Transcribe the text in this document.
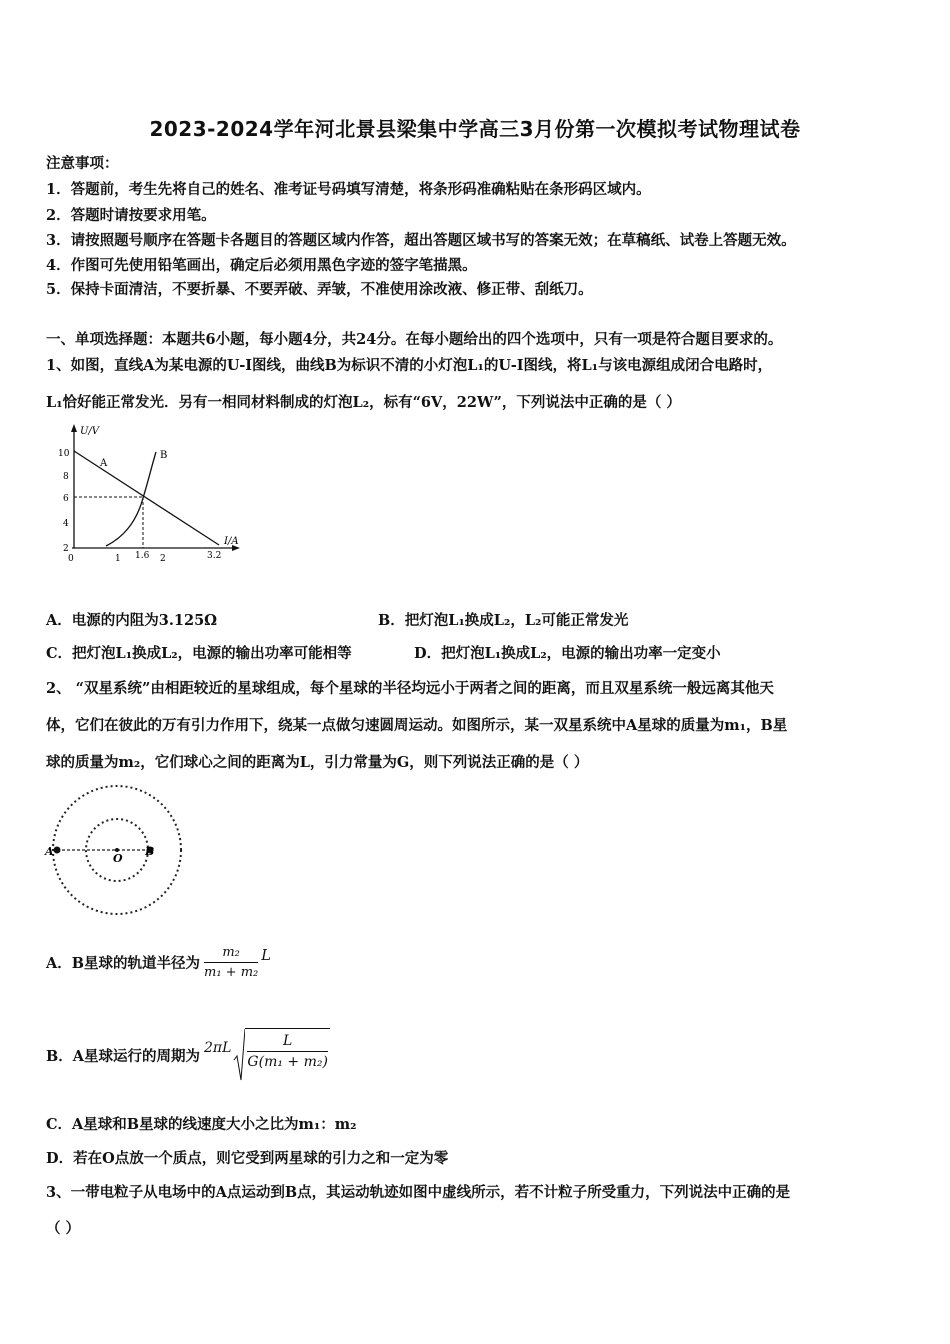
2023-2024学年河北景县梁集中学高三3月份第一次模拟考试物理试卷
注意事项：
1．答题前，考生先将自己的姓名、准考证号码填写清楚，将条形码准确粘贴在条形码区域内。
2．答题时请按要求用笔。
3．请按照题号顺序在答题卡各题目的答题区域内作答，超出答题区域书写的答案无效；在草稿纸、试卷上答题无效。
4．作图可先使用铅笔画出，确定后必须用黑色字迹的签字笔描黑。
5．保持卡面清洁，不要折暴、不要弄破、弄皱，不准使用涂改液、修正带、刮纸刀。
一、单项选择题：本题共6小题，每小题4分，共24分。在每小题给出的四个选项中，只有一项是符合题目要求的。
1、如图，直线A为某电源的U-I图线，曲线B为标识不清的小灯泡L₁的U-I图线，将L₁与该电源组成闭合电路时，
L₁恰好能正常发光．另有一相同材料制成的灯泡L₂，标有“6V，22W”，下列说法中正确的是（ ）
U/V
I/A
10
8
6
4
2
0	1 1.6 2	3.2
A
B
A．电源的内阻为3.125Ω	B．把灯泡L₁换成L₂，L₂可能正常发光
C．把灯泡L₁换成L₂，电源的输出功率可能相等	D．把灯泡L₁换成L₂，电源的输出功率一定变小
2、 “双星系统”由相距较近的星球组成，每个星球的半径均远小于两者之间的距离，而且双星系统一般远离其他天
体，它们在彼此的万有引力作用下，绕某一点做匀速圆周运动。如图所示，某一双星系统中A星球的质量为m₁，B星
球的质量为m₂，它们球心之间的距离为L，引力常量为G，则下列说法正确的是（ ）
A
O
B
A．B星球的轨道半径为 $\frac{\text{m₂}}{\text{m₁ + m₂}}$ L
B．A星球运行的周期为 $2\pi L \frac{L}{\text{G(m₁ + m₂)}}$
C．A星球和B星球的线速度大小之比为m₁：m₂
D．若在O点放一个质点，则它受到两星球的引力之和一定为零
3、一带电粒子从电场中的A点运动到B点，其运动轨迹如图中虚线所示，若不计粒子所受重力，下列说法中正确的是
（ ）
